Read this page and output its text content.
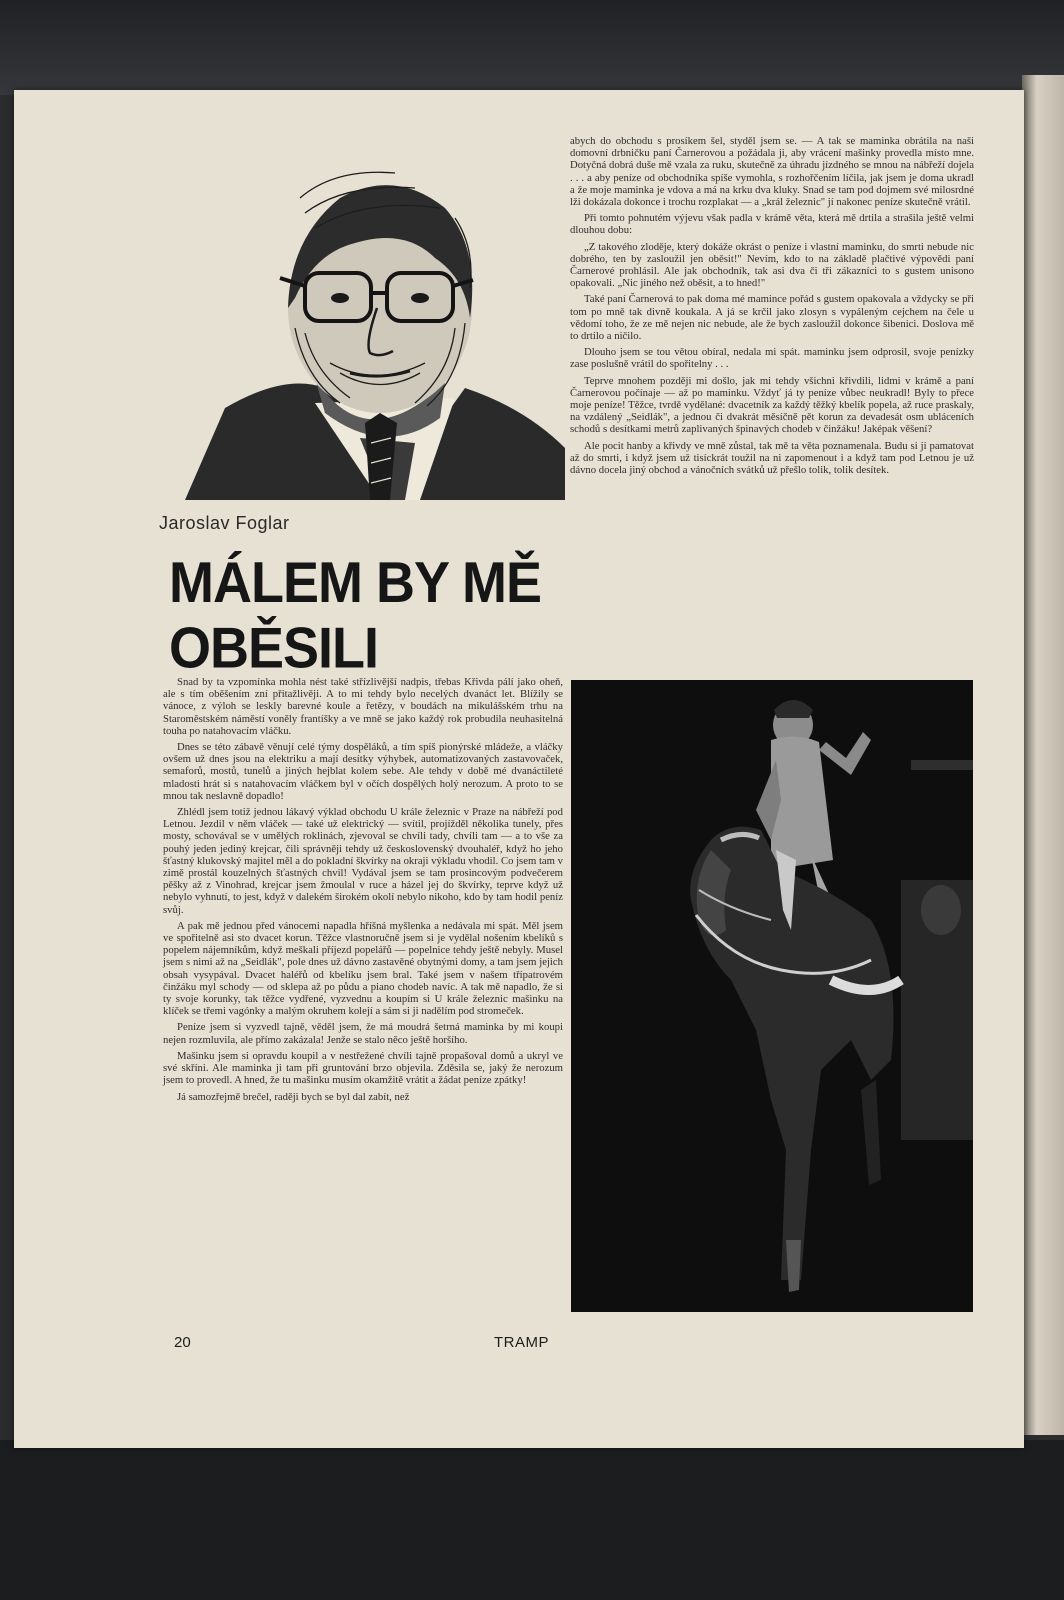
Jaroslav Foglar

MÁLEM BY MĚ
OBĚSILI

Snad by ta vzpomínka mohla nést také střízlivější nadpis, třebas Křivda pálí jako oheň, ale s tím oběšením zní přitažlivěji. A to mi tehdy bylo necelých dvanáct let. Blížily se vánoce, z výloh se leskly barevné koule a řetězy, v boudách na mikulášském trhu na Staroměstském náměstí voněly frantíšky a ve mně se jako každý rok probudila neuhasitelná touha po natahovacím vláčku.

Dnes se této zábavě věnují celé týmy dospěláků, a tím spíš pionýrské mládeže, a vláčky ovšem už dnes jsou na elektriku a mají desítky výhybek, automatizovaných zastavovaček, semaforů, mostů, tunelů a jiných hejblat kolem sebe. Ale tehdy v době mé dvanáctileté mladosti hrát si s natahovacím vláčkem byl v očích dospělých holý nerozum. A proto to se mnou tak neslavně dopadlo!

Zhlédl jsem totiž jednou lákavý výklad obchodu U krále železnic v Praze na nábřeží pod Letnou. Jezdil v něm vláček — také už elektrický — svítil, projížděl několika tunely, přes mosty, schovával se v umělých roklinách, zjevoval se chvíli tady, chvíli tam — a to vše za pouhý jeden jediný krejcar, čili správněji tehdy už československý dvouhaléř, když ho jeho šťastný klukovský majitel měl a do pokladní škvírky na okraji výkladu vhodil. Co jsem tam v zimě prostál kouzelných šťastných chvil! Vydával jsem se tam prosincovým podvečerem pěšky až z Vinohrad, krejcar jsem žmoulal v ruce a házel jej do škvírky, teprve když už nebylo vyhnutí, to jest, když v dalekém širokém okolí nebylo nikoho, kdo by tam hodil peníz svůj.

A pak mě jednou před vánocemi napadla hříšná myšlenka a nedávala mi spát. Měl jsem ve spořitelně asi sto dvacet korun. Těžce vlastnoručně jsem si je vydělal nošením kbelíků s popelem nájemníkům, když meškali příjezd popelářů — popelnice tehdy ještě nebyly. Musel jsem s nimi až na „Seidlák", pole dnes už dávno zastavěné obytnými domy, a tam jsem jejich obsah vysypával. Dvacet haléřů od kbelíku jsem bral. Také jsem v našem třípatrovém činžáku myl schody — od sklepa až po půdu a piano chodeb navíc. A tak mě napadlo, že si ty svoje korunky, tak těžce vydřené, vyzvednu a koupím si U krále železnic mašinku na klíček se třemi vagónky a malým okruhem kolejí a sám si ji nadělím pod stromeček.

Peníze jsem si vyzvedl tajně, věděl jsem, že má moudrá šetrná maminka by mi koupi nejen rozmluvila, ale přímo zakázala! Jenže se stalo něco ještě horšího.

Mašinku jsem si opravdu koupil a v nestřežené chvíli tajně propašoval domů a ukryl ve své skříni. Ale maminka ji tam při gruntování brzo objevila. Zděsila se, jaký že nerozum jsem to provedl. A hned, že tu mašinku musím okamžitě vrátit a žádat peníze zpátky!

Já samozřejmě brečel, raději bych se byl dal zabít, než

abych do obchodu s prosíkem šel, styděl jsem se. — A tak se maminka obrátila na naši domovní drbničku paní Čarnerovou a požádala ji, aby vrácení mašinky provedla místo mne. Dotyčná dobrá duše mě vzala za ruku, skutečně za úhradu jízdného se mnou na nábřeží dojela . . . a aby peníze od obchodníka spíše vymohla, s rozhořčením líčila, jak jsem je doma ukradl a že moje maminka je vdova a má na krku dva kluky. Snad se tam pod dojmem své milosrdné lži dokázala dokonce i trochu rozplakat — a „král železnic" jí nakonec peníze skutečně vrátil.

Při tomto pohnutém výjevu však padla v krámě věta, která mě drtila a strašila ještě velmi dlouhou dobu:

„Z takového zloděje, který dokáže okrást o peníze i vlastní maminku, do smrti nebude nic dobrého, ten by zasloužil jen oběsit!" Nevím, kdo to na základě plačtivé výpovědi paní Čarnerové prohlásil. Ale jak obchodník, tak asi dva či tři zákazníci to s gustem unisono opakovali. „Nic jiného než oběsit, a to hned!"

Také paní Čarnerová to pak doma mé mamince pořád s gustem opakovala a vždycky se při tom po mně tak divně koukala. A já se krčil jako zlosyn s vypáleným cejchem na čele u vědomí toho, že ze mě nejen nic nebude, ale že bych zasloužil dokonce šibenici. Doslova mě to drtilo a ničilo.

Dlouho jsem se tou větou obíral, nedala mi spát. maminku jsem odprosil, svoje penízky zase poslušně vrátil do spořitelny . . .

Teprve mnohem později mi došlo, jak mi tehdy všichni křivdili, lidmi v krámě a paní Čarnerovou počínaje — až po maminku. Vždyť já ty peníze vůbec neukradl! Byly to přece moje peníze! Těžce, tvrdě vydělané: dvacetník za každý těžký kbelík popela, až ruce praskaly, na vzdálený „Seidlák", a jednou či dvakrát měsíčně pět korun za devadesát osm ubláceních schodů s desítkami metrů zaplivaných špinavých chodeb v činžáku! Jaképak věšení?

Ale pocit hanby a křivdy ve mně zůstal, tak mě ta věta poznamenala. Budu si ji pamatovat až do smrti, i když jsem už tisíckrát toužil na ni zapomenout i a když tam pod Letnou je už dávno docela jiný obchod a vánočních svátků už přešlo tolik, tolik desítek.

20	TRAMP
